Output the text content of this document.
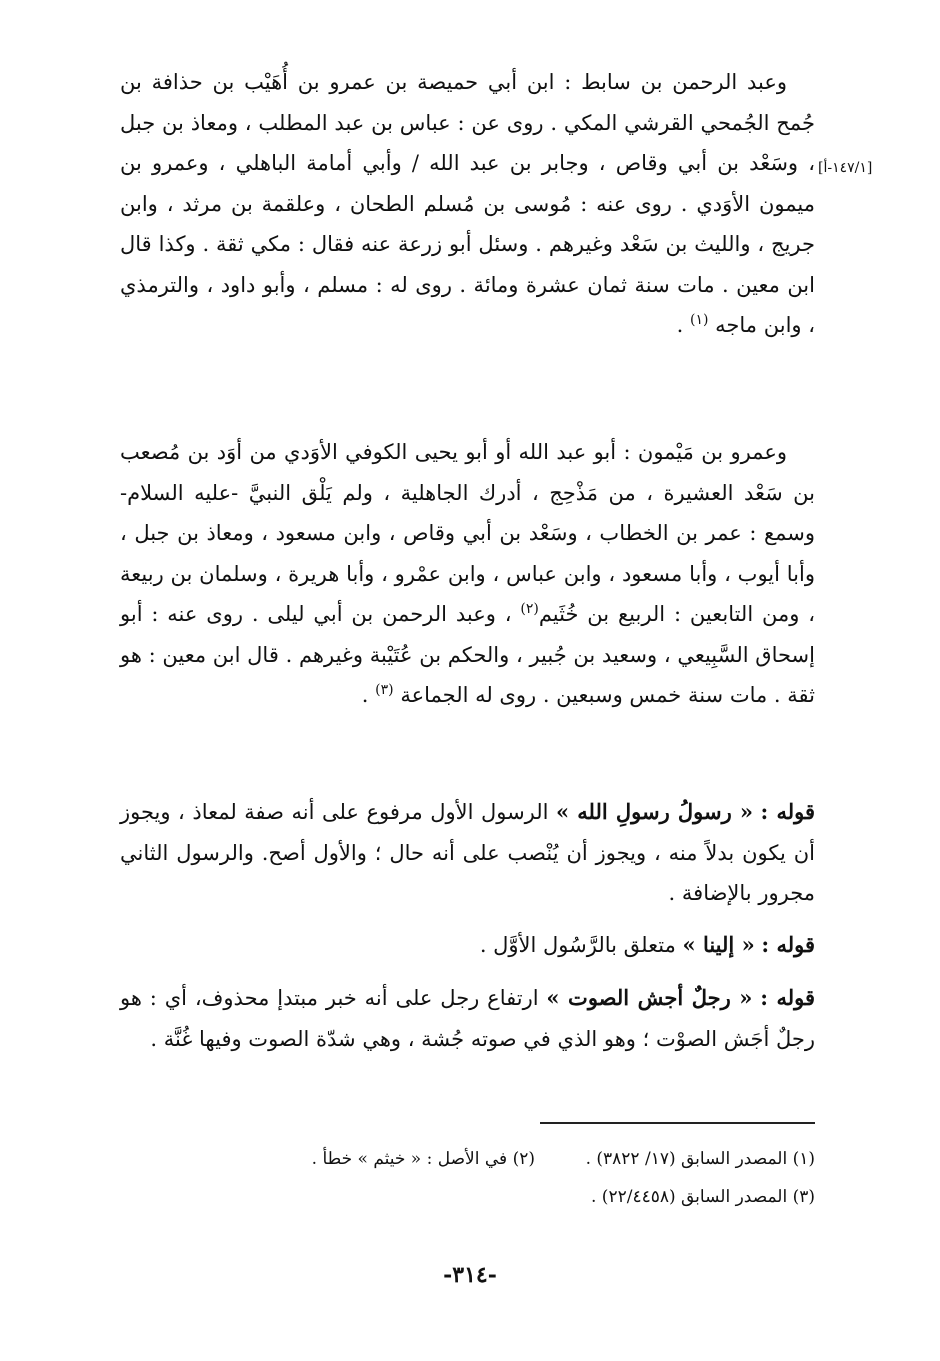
[١٤٧/١-أ]

وعبد الرحمن بن سابط : ابن أبي حميصة بن عمرو بن أُهَيْب بن حذافة بن جُمح الجُمحي القرشي المكي . روى عن : عباس بن عبد المطلب ، ومعاذ بن جبل ، وسَعْد بن أبي وقاص ، وجابر بن عبد الله / وأبي أمامة الباهلي ، وعمرو بن ميمون الأوَدي . روى عنه : مُوسى بن مُسلم الطحان ، وعلقمة بن مرثد ، وابن جريج ، والليث بن سَعْد وغيرهم . وسئل أبو زرعة عنه فقال : مكي ثقة . وكذا قال ابن معين . مات سنة ثمان عشرة ومائة . روى له : مسلم ، وأبو داود ، والترمذي ، وابن ماجه $^{(١)}$ .

وعمرو بن مَيْمون : أبو عبد الله أو أبو يحيى الكوفي الأوَدي من أوَد بن مُصعب بن سَعْد العشيرة ، من مَذْحِج ، أدرك الجاهلية ، ولم يَلْق النبيَّ -عليه السلام- وسمع : عمر بن الخطاب ، وسَعْد بن أبي وقاص ، وابن مسعود ، ومعاذ بن جبل ، وأبا أيوب ، وأبا مسعود ، وابن عباس ، وابن عمْرو ، وأبا هريرة ، وسلمان بن ربيعة ، ومن التابعين : الربيع بن خُثَيم$^{(٢)}$ ، وعبد الرحمن بن أبي ليلى . روى عنه : أبو إسحاق السَّبِيعي ، وسعيد بن جُبير ، والحكم بن عُتَيْبة وغيرهم . قال ابن معين : هو ثقة . مات سنة خمس وسبعين . روى له الجماعة $^{(٣)}$ .

قوله : « رسولُ رسولِ الله » الرسول الأول مرفوع على أنه صفة لمعاذ ، ويجوز أن يكون بدلاً منه ، ويجوز أن يُنْصب على أنه حال ؛ والأول أصح. والرسول الثاني مجرور بالإضافة .

قوله : « إلينا » متعلق بالرَّسُول الأوَّل .

قوله : « رجلٌ أجش الصوت » ارتفاع رجل على أنه خبر مبتدإ محذوف، أي : هو رجلٌ أجَش الصوْت ؛ وهو الذي في صوته جُشة ، وهي شدّة الصوت وفيها غُنَّة .

(١) المصدر السابق (١٧/ ٣٨٢٢) .
(٢) في الأصل : « خيثم » خطأ .
(٣) المصدر السابق (٢٢/٤٤٥٨) .
-٣١٤-
